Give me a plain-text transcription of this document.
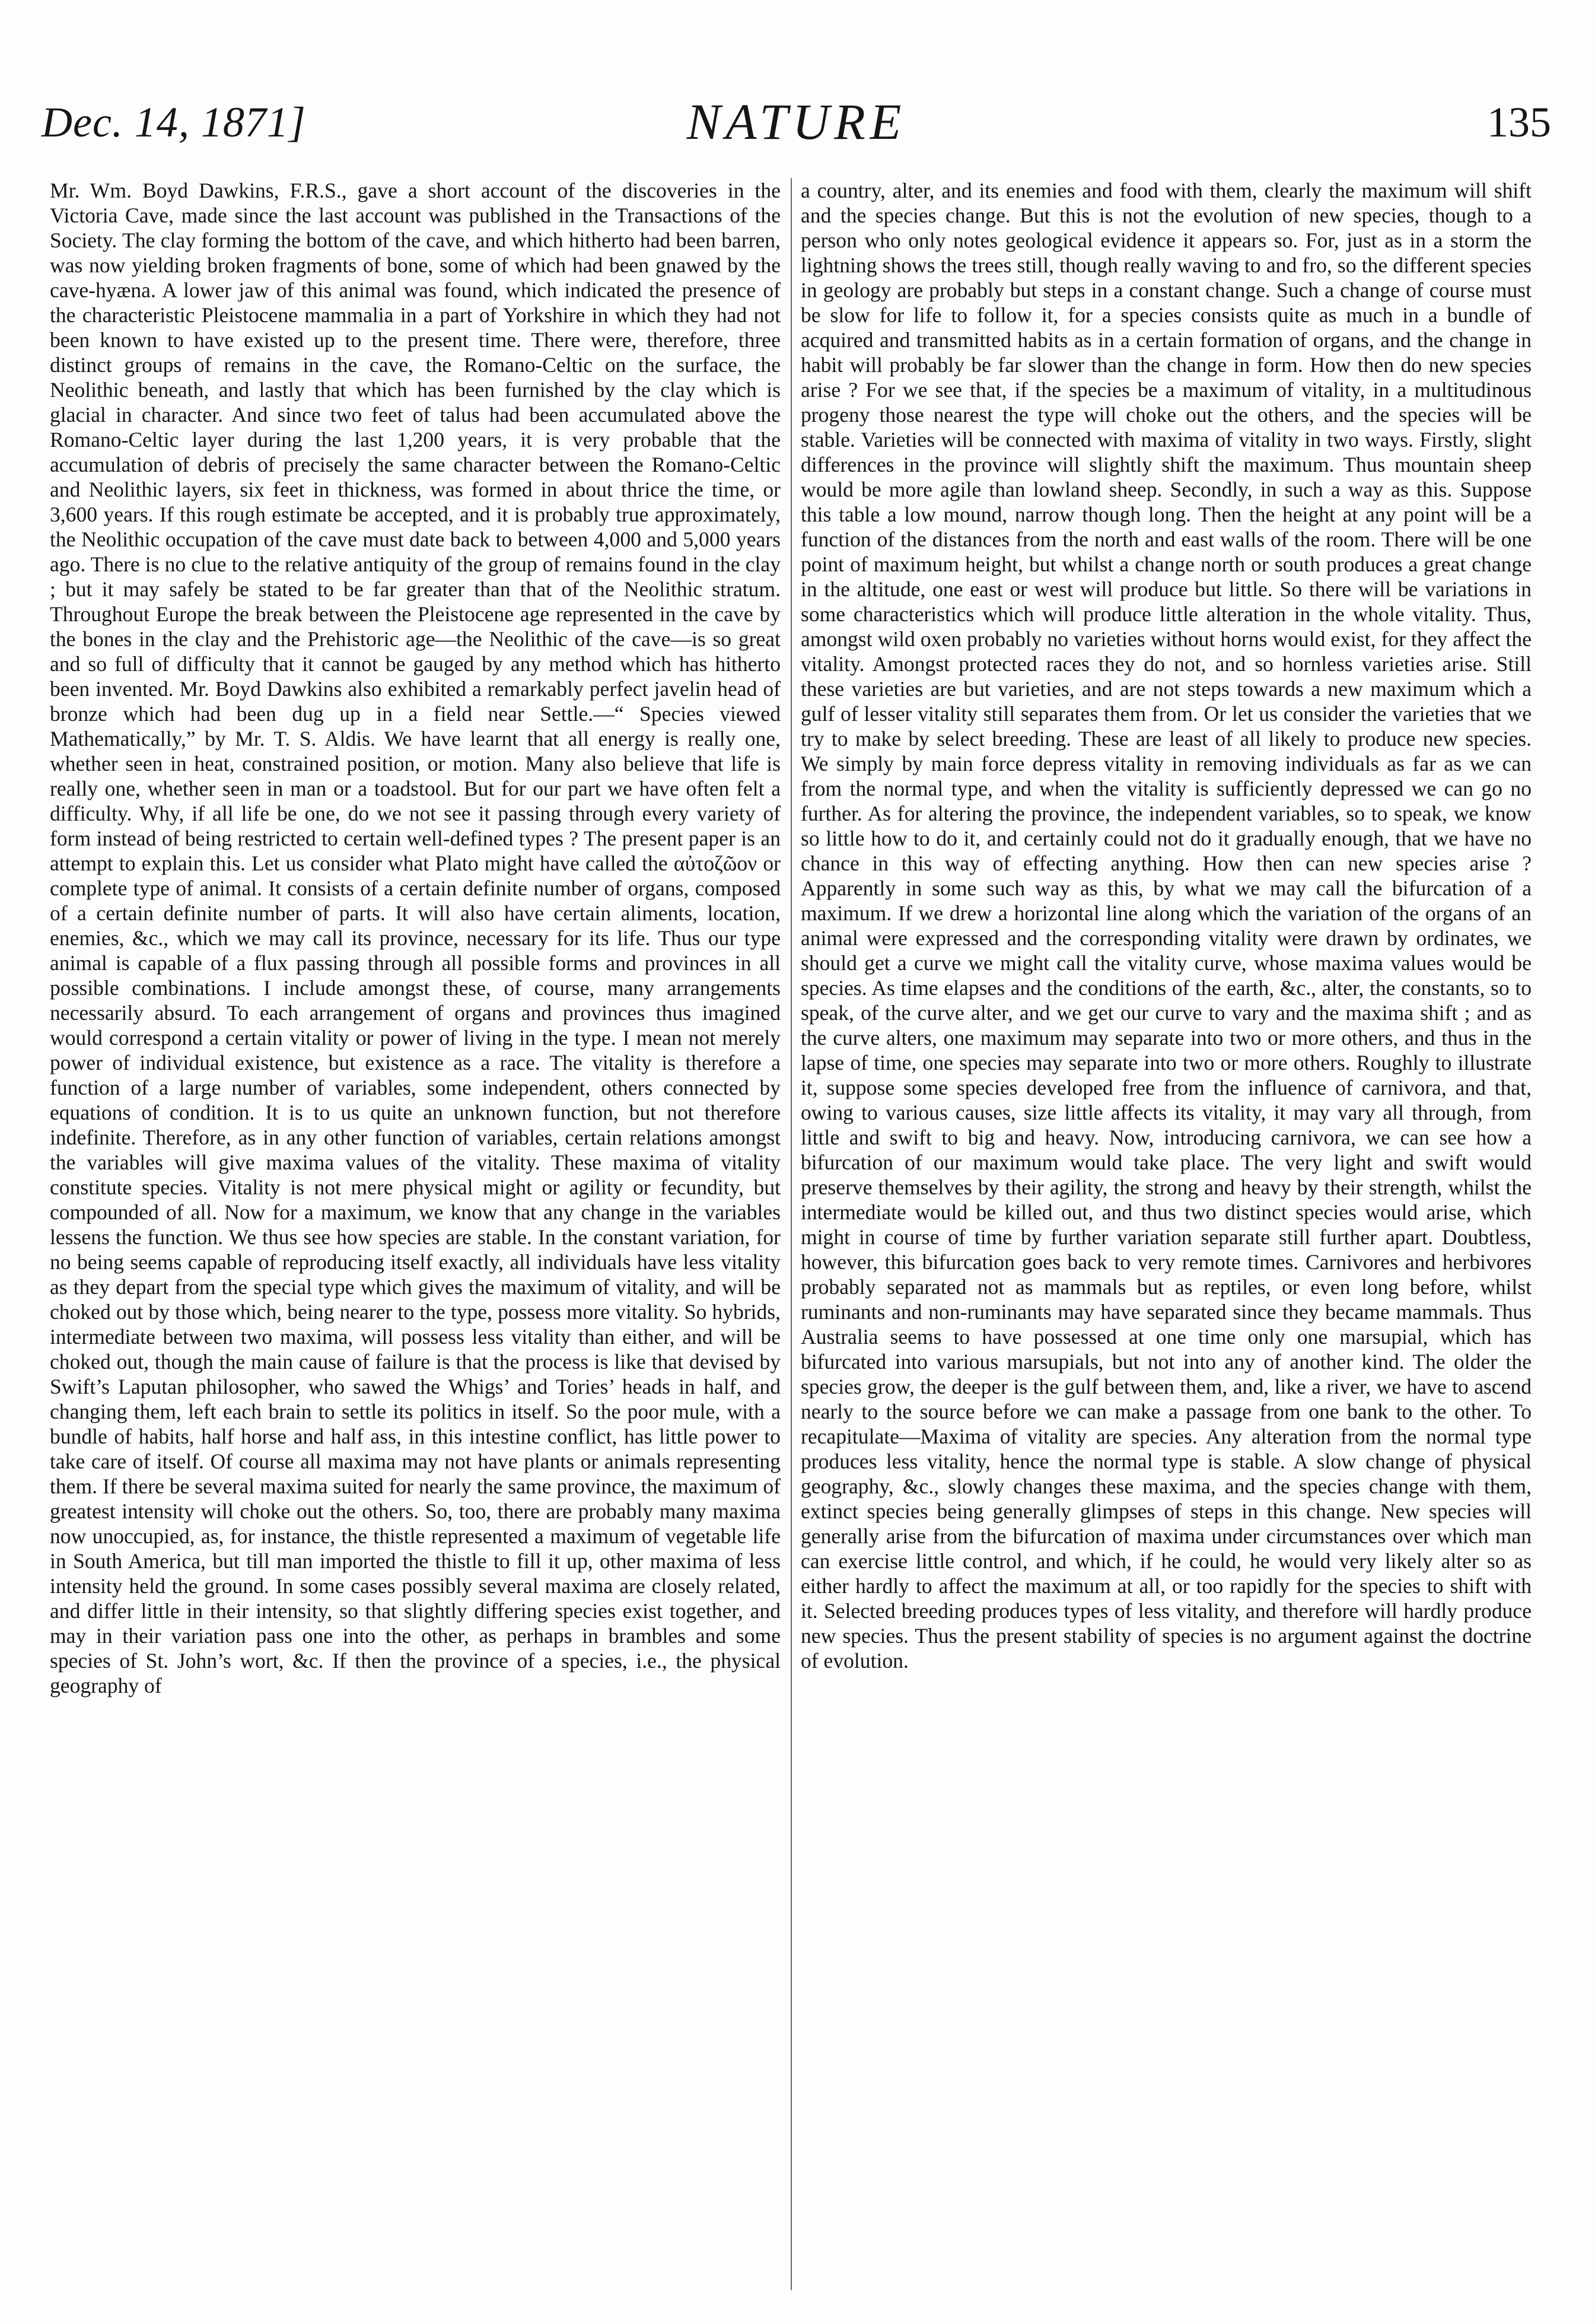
Dec. 14, 1871]	NATURE	135

Mr. Wm. Boyd Dawkins, F.R.S., gave a short account of the discoveries in the Victoria Cave, made since the last account was published in the Transactions of the Society. The clay forming the bottom of the cave, and which hitherto had been barren, was now yielding broken fragments of bone, some of which had been gnawed by the cave-hyæna. A lower jaw of this animal was found, which indicated the presence of the characteristic Pleistocene mammalia in a part of Yorkshire in which they had not been known to have existed up to the present time. There were, therefore, three distinct groups of remains in the cave, the Romano-Celtic on the surface, the Neolithic beneath, and lastly that which has been furnished by the clay which is glacial in character. And since two feet of talus had been accumulated above the Romano-Celtic layer during the last 1,200 years, it is very probable that the accumulation of debris of precisely the same character between the Romano-Celtic and Neolithic layers, six feet in thickness, was formed in about thrice the time, or 3,600 years. If this rough estimate be accepted, and it is probably true approximately, the Neolithic occupation of the cave must date back to between 4,000 and 5,000 years ago. There is no clue to the relative antiquity of the group of remains found in the clay ; but it may safely be stated to be far greater than that of the Neolithic stratum. Throughout Europe the break between the Pleistocene age represented in the cave by the bones in the clay and the Prehistoric age—the Neolithic of the cave—is so great and so full of difficulty that it cannot be gauged by any method which has hitherto been invented. Mr. Boyd Dawkins also exhibited a remarkably perfect javelin head of bronze which had been dug up in a field near Settle.—“ Species viewed Mathematically,” by Mr. T. S. Aldis. We have learnt that all energy is really one, whether seen in heat, constrained position, or motion. Many also believe that life is really one, whether seen in man or a toadstool. But for our part we have often felt a difficulty. Why, if all life be one, do we not see it passing through every variety of form instead of being restricted to certain well-defined types ? The present paper is an attempt to explain this. Let us consider what Plato might have called the αὐτοζῶον or complete type of animal. It consists of a certain definite number of organs, composed of a certain definite number of parts. It will also have certain aliments, location, enemies, &c., which we may call its province, necessary for its life. Thus our type animal is capable of a flux passing through all possible forms and provinces in all possible combinations. I include amongst these, of course, many arrangements necessarily absurd. To each arrangement of organs and provinces thus imagined would correspond a certain vitality or power of living in the type. I mean not merely power of individual existence, but existence as a race. The vitality is therefore a function of a large number of variables, some independent, others connected by equations of condition. It is to us quite an unknown function, but not therefore indefinite. Therefore, as in any other function of variables, certain relations amongst the variables will give maxima values of the vitality. These maxima of vitality constitute species. Vitality is not mere physical might or agility or fecundity, but compounded of all. Now for a maximum, we know that any change in the variables lessens the function. We thus see how species are stable. In the constant variation, for no being seems capable of reproducing itself exactly, all individuals have less vitality as they depart from the special type which gives the maximum of vitality, and will be choked out by those which, being nearer to the type, possess more vitality. So hybrids, intermediate between two maxima, will possess less vitality than either, and will be choked out, though the main cause of failure is that the process is like that devised by Swift’s Laputan philosopher, who sawed the Whigs’ and Tories’ heads in half, and changing them, left each brain to settle its politics in itself. So the poor mule, with a bundle of habits, half horse and half ass, in this intestine conflict, has little power to take care of itself. Of course all maxima may not have plants or animals representing them. If there be several maxima suited for nearly the same province, the maximum of greatest intensity will choke out the others. So, too, there are probably many maxima now unoccupied, as, for instance, the thistle represented a maximum of vegetable life in South America, but till man imported the thistle to fill it up, other maxima of less intensity held the ground. In some cases possibly several maxima are closely related, and differ little in their intensity, so that slightly differing species exist together, and may in their variation pass one into the other, as perhaps in brambles and some species of St. John’s wort, &c. If then the province of a species, i.e., the physical geography of

a country, alter, and its enemies and food with them, clearly the maximum will shift and the species change. But this is not the evolution of new species, though to a person who only notes geological evidence it appears so. For, just as in a storm the lightning shows the trees still, though really waving to and fro, so the different species in geology are probably but steps in a constant change. Such a change of course must be slow for life to follow it, for a species consists quite as much in a bundle of acquired and transmitted habits as in a certain formation of organs, and the change in habit will probably be far slower than the change in form. How then do new species arise ? For we see that, if the species be a maximum of vitality, in a multitudinous progeny those nearest the type will choke out the others, and the species will be stable. Varieties will be connected with maxima of vitality in two ways. Firstly, slight differences in the province will slightly shift the maximum. Thus mountain sheep would be more agile than lowland sheep. Secondly, in such a way as this. Suppose this table a low mound, narrow though long. Then the height at any point will be a function of the distances from the north and east walls of the room. There will be one point of maximum height, but whilst a change north or south produces a great change in the altitude, one east or west will produce but little. So there will be variations in some characteristics which will produce little alteration in the whole vitality. Thus, amongst wild oxen probably no varieties without horns would exist, for they affect the vitality. Amongst protected races they do not, and so hornless varieties arise. Still these varieties are but varieties, and are not steps towards a new maximum which a gulf of lesser vitality still separates them from. Or let us consider the varieties that we try to make by select breeding. These are least of all likely to produce new species. We simply by main force depress vitality in removing individuals as far as we can from the normal type, and when the vitality is sufficiently depressed we can go no further. As for altering the province, the independent variables, so to speak, we know so little how to do it, and certainly could not do it gradually enough, that we have no chance in this way of effecting anything. How then can new species arise ? Apparently in some such way as this, by what we may call the bifurcation of a maximum. If we drew a horizontal line along which the variation of the organs of an animal were expressed and the corresponding vitality were drawn by ordinates, we should get a curve we might call the vitality curve, whose maxima values would be species. As time elapses and the conditions of the earth, &c., alter, the constants, so to speak, of the curve alter, and we get our curve to vary and the maxima shift ; and as the curve alters, one maximum may separate into two or more others, and thus in the lapse of time, one species may separate into two or more others. Roughly to illustrate it, suppose some species developed free from the influence of carnivora, and that, owing to various causes, size little affects its vitality, it may vary all through, from little and swift to big and heavy. Now, introducing carnivora, we can see how a bifurcation of our maximum would take place. The very light and swift would preserve themselves by their agility, the strong and heavy by their strength, whilst the intermediate would be killed out, and thus two distinct species would arise, which might in course of time by further variation separate still further apart. Doubtless, however, this bifurcation goes back to very remote times. Carnivores and herbivores probably separated not as mammals but as reptiles, or even long before, whilst ruminants and non-ruminants may have separated since they became mammals. Thus Australia seems to have possessed at one time only one marsupial, which has bifurcated into various marsupials, but not into any of another kind. The older the species grow, the deeper is the gulf between them, and, like a river, we have to ascend nearly to the source before we can make a passage from one bank to the other. To recapitulate—Maxima of vitality are species. Any alteration from the normal type produces less vitality, hence the normal type is stable. A slow change of physical geography, &c., slowly changes these maxima, and the species change with them, extinct species being generally glimpses of steps in this change. New species will generally arise from the bifurcation of maxima under circumstances over which man can exercise little control, and which, if he could, he would very likely alter so as either hardly to affect the maximum at all, or too rapidly for the species to shift with it. Selected breeding produces types of less vitality, and therefore will hardly produce new species. Thus the present stability of species is no argument against the doctrine of evolution.
